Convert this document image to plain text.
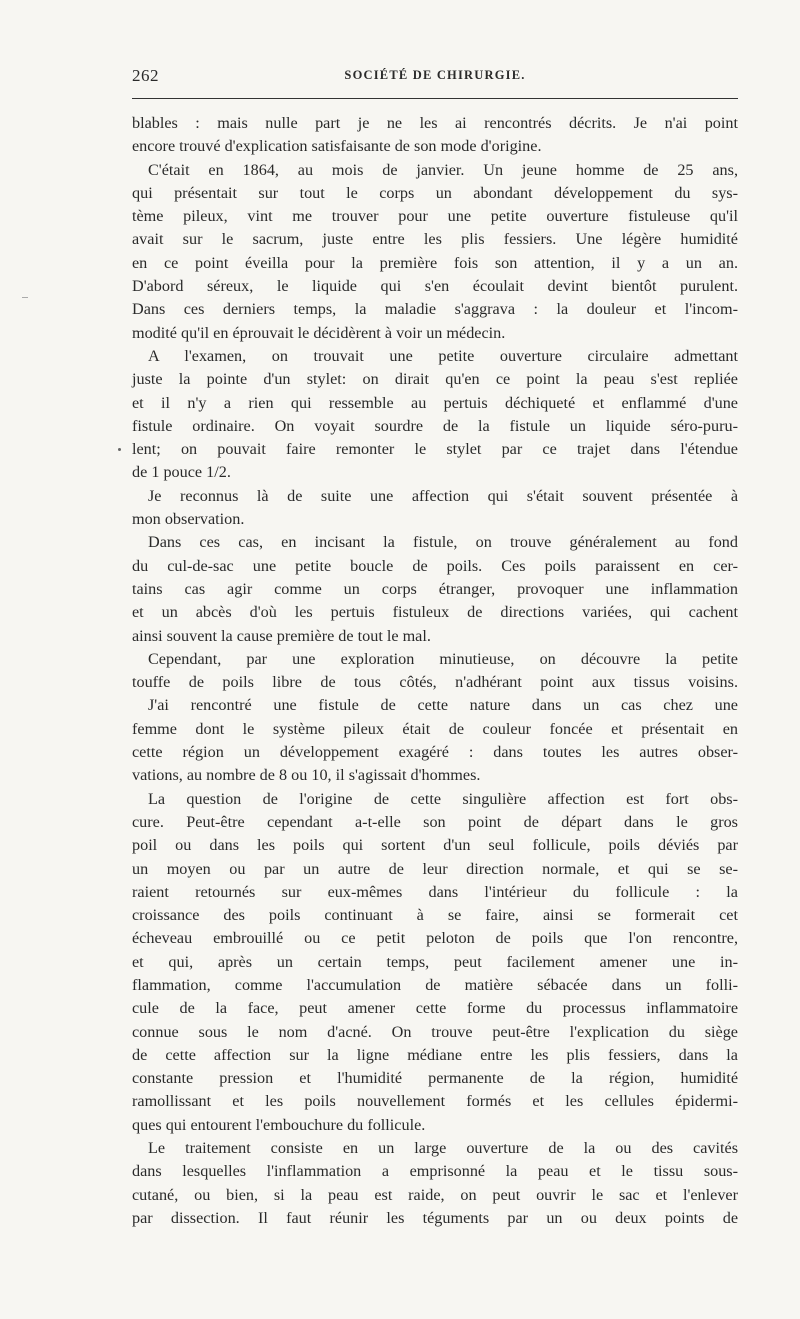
262	SOCIÉTÉ DE CHIRURGIE.
blables : mais nulle part je ne les ai rencontrés décrits. Je n'ai point
encore trouvé d'explication satisfaisante de son mode d'origine.
C'était en 1864, au mois de janvier. Un jeune homme de 25 ans,
qui présentait sur tout le corps un abondant développement du sys-
tème pileux, vint me trouver pour une petite ouverture fistuleuse qu'il
avait sur le sacrum, juste entre les plis fessiers. Une légère humidité
en ce point éveilla pour la première fois son attention, il y a un an.
D'abord séreux, le liquide qui s'en écoulait devint bientôt purulent.
Dans ces derniers temps, la maladie s'aggrava : la douleur et l'incom-
modité qu'il en éprouvait le décidèrent à voir un médecin.
A l'examen, on trouvait une petite ouverture circulaire admettant
juste la pointe d'un stylet: on dirait qu'en ce point la peau s'est repliée
et il n'y a rien qui ressemble au pertuis déchiqueté et enflammé d'une
fistule ordinaire. On voyait sourdre de la fistule un liquide séro-puru-
lent; on pouvait faire remonter le stylet par ce trajet dans l'étendue
de 1 pouce 1/2.
Je reconnus là de suite une affection qui s'était souvent présentée à
mon observation.
Dans ces cas, en incisant la fistule, on trouve généralement au fond
du cul-de-sac une petite boucle de poils. Ces poils paraissent en cer-
tains cas agir comme un corps étranger, provoquer une inflammation
et un abcès d'où les pertuis fistuleux de directions variées, qui cachent
ainsi souvent la cause première de tout le mal.
Cependant, par une exploration minutieuse, on découvre la petite
touffe de poils libre de tous côtés, n'adhérant point aux tissus voisins.
J'ai rencontré une fistule de cette nature dans un cas chez une
femme dont le système pileux était de couleur foncée et présentait en
cette région un développement exagéré : dans toutes les autres obser-
vations, au nombre de 8 ou 10, il s'agissait d'hommes.
La question de l'origine de cette singulière affection est fort obs-
cure. Peut-être cependant a-t-elle son point de départ dans le gros
poil ou dans les poils qui sortent d'un seul follicule, poils déviés par
un moyen ou par un autre de leur direction normale, et qui se se-
raient retournés sur eux-mêmes dans l'intérieur du follicule : la
croissance des poils continuant à se faire, ainsi se formerait cet
écheveau embrouillé ou ce petit peloton de poils que l'on rencontre,
et qui, après un certain temps, peut facilement amener une in-
flammation, comme l'accumulation de matière sébacée dans un folli-
cule de la face, peut amener cette forme du processus inflammatoire
connue sous le nom d'acné. On trouve peut-être l'explication du siège
de cette affection sur la ligne médiane entre les plis fessiers, dans la
constante pression et l'humidité permanente de la région, humidité
ramollissant et les poils nouvellement formés et les cellules épidermi-
ques qui entourent l'embouchure du follicule.
Le traitement consiste en un large ouverture de la ou des cavités
dans lesquelles l'inflammation a emprisonné la peau et le tissu sous-
cutané, ou bien, si la peau est raide, on peut ouvrir le sac et l'enlever
par dissection. Il faut réunir les téguments par un ou deux points de
